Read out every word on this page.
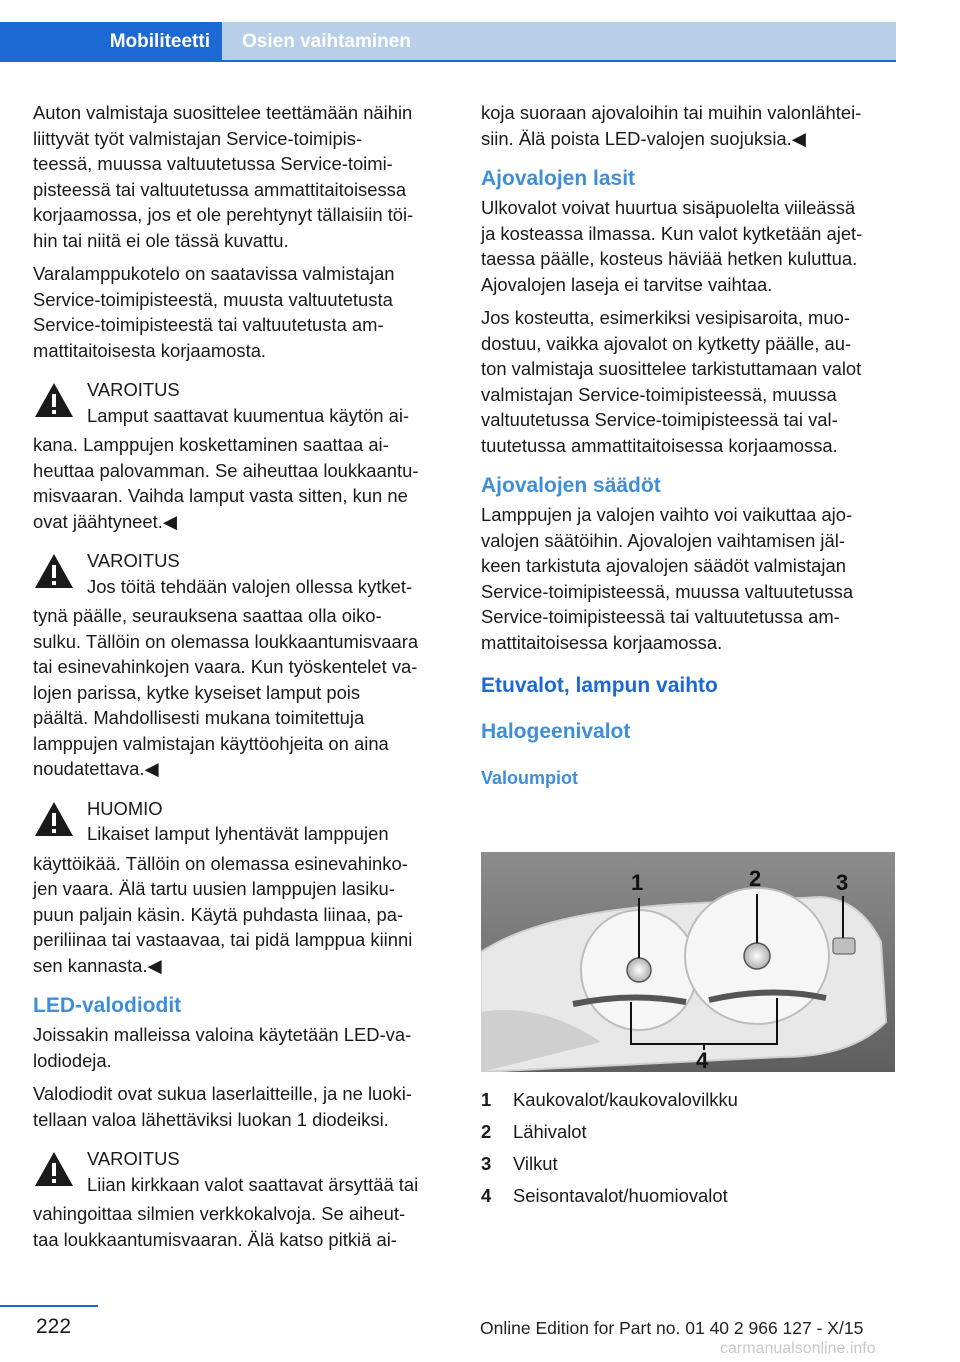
Mobiliteetti	Osien vaihtaminen

Auton valmistaja suosittelee teettämään näihin
liittyvät työt valmistajan Service-toimipis-
teessä, muussa valtuutetussa Service-toimi-
pisteessä tai valtuutetussa ammattitaitoisessa
korjaamossa, jos et ole perehtynyt tällaisiin töi-
hin tai niitä ei ole tässä kuvattu.

Varalamppukotelo on saatavissa valmistajan
Service-toimipisteestä, muusta valtuutetusta
Service-toimipisteestä tai valtuutetusta am-
mattitaitoisesta korjaamosta.

VAROITUS
Lamput saattavat kuumentua käytön ai-

kana. Lamppujen koskettaminen saattaa ai-
heuttaa palovamman. Se aiheuttaa loukkaantu-
misvaaran. Vaihda lamput vasta sitten, kun ne
ovat jäähtyneet.◀

VAROITUS
Jos töitä tehdään valojen ollessa kytket-

tynä päälle, seurauksena saattaa olla oiko-
sulku. Tällöin on olemassa loukkaantumisvaara
tai esinevahinkojen vaara. Kun työskentelet va-
lojen parissa, kytke kyseiset lamput pois
päältä. Mahdollisesti mukana toimitettuja
lamppujen valmistajan käyttöohjeita on aina
noudatettava.◀

HUOMIO
Likaiset lamput lyhentävät lamppujen

käyttöikää. Tällöin on olemassa esinevahinko-
jen vaara. Älä tartu uusien lamppujen lasiku-
puun paljain käsin. Käytä puhdasta liinaa, pa-
periliinaa tai vastaavaa, tai pidä lamppua kiinni
sen kannasta.◀

LED-valodiodit

Joissakin malleissa valoina käytetään LED-va-
lodiodeja.

Valodiodit ovat sukua laserlaitteille, ja ne luoki-
tellaan valoa lähettäviksi luokan 1 diodeiksi.

VAROITUS
Liian kirkkaan valot saattavat ärsyttää tai

vahingoittaa silmien verkkokalvoja. Se aiheut-
taa loukkaantumisvaaran. Älä katso pitkiä ai-

koja suoraan ajovaloihin tai muihin valonlähtei-
siin. Älä poista LED-valojen suojuksia.◀

Ajovalojen lasit

Ulkovalot voivat huurtua sisäpuolelta viileässä
ja kosteassa ilmassa. Kun valot kytketään ajet-
taessa päälle, kosteus häviää hetken kuluttua.
Ajovalojen laseja ei tarvitse vaihtaa.

Jos kosteutta, esimerkiksi vesipisaroita, muo-
dostuu, vaikka ajovalot on kytketty päälle, au-
ton valmistaja suosittelee tarkistuttamaan valot
valmistajan Service-toimipisteessä, muussa
valtuutetussa Service-toimipisteessä tai val-
tuutetussa ammattitaitoisessa korjaamossa.

Ajovalojen säädöt

Lamppujen ja valojen vaihto voi vaikuttaa ajo-
valojen säätöihin. Ajovalojen vaihtamisen jäl-
keen tarkistuta ajovalojen säädöt valmistajan
Service-toimipisteessä, muussa valtuutetussa
Service-toimipisteessä tai valtuutetussa am-
mattitaitoisessa korjaamossa.

Etuvalot, lampun vaihto
Halogeenivalot
Valoumpiot
1	2	3
4
1	Kaukovalot/kaukovalovilkku
2	Lähivalot
3	Vilkut
4	Seisontavalot/huomiovalot
222	Online Edition for Part no. 01 40 2 966 127 - X/15
carmanualsonline.info
